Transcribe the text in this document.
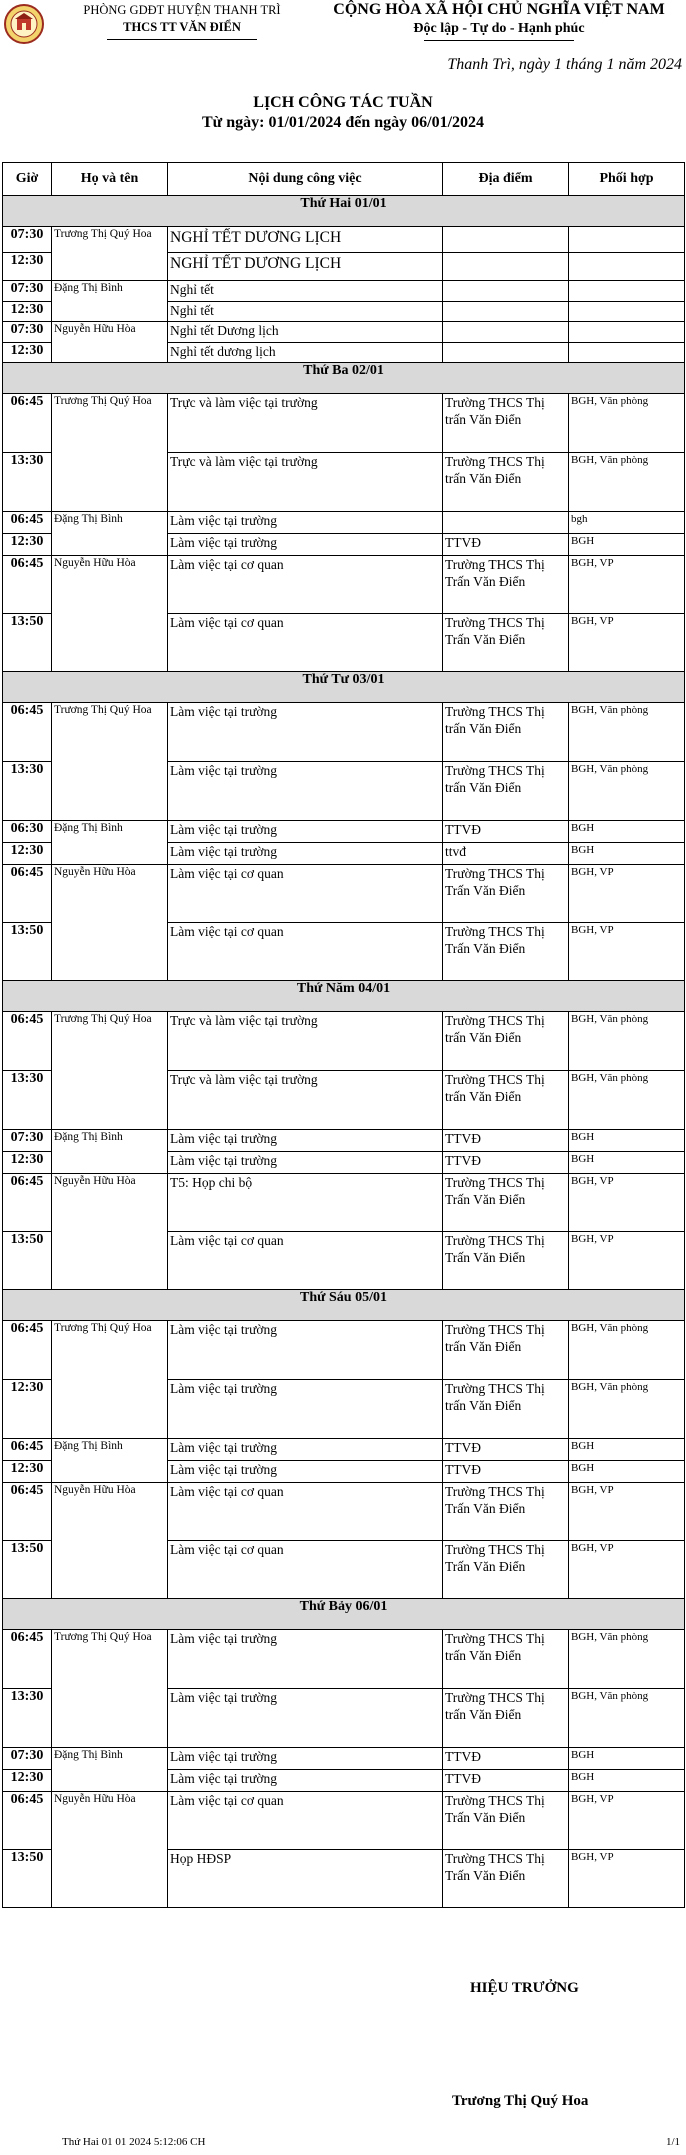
PHÒNG GDĐT HUYỆN THANH TRÌ
THCS TT VĂN ĐIỂN
CỘNG HÒA XÃ HỘI CHỦ NGHĨA VIỆT NAM
Độc lập - Tự do - Hạnh phúc
Thanh Trì, ngày 1 tháng 1 năm 2024
LỊCH CÔNG TÁC TUẦN
Từ ngày: 01/01/2024 đến ngày 06/01/2024
Giờ	Họ và tên	Nội dung công việc	Địa điểm	Phối hợp
Thứ Hai 01/01				
07:30	Trương Thị Quý Hoa	NGHỈ TẾT DƯƠNG LỊCH		
12:30		NGHỈ TẾT DƯƠNG LỊCH		
07:30	Đặng Thị Bình	Nghỉ tết		
12:30		Nghỉ tết		
07:30	Nguyễn Hữu Hòa	Nghỉ tết Dương lịch		
12:30		Nghỉ tết dương lịch		
Thứ Ba 02/01				
06:45	Trương Thị Quý Hoa	Trực và làm việc tại trường	Trường THCS Thị trấn Văn Điển	BGH, Văn phòng
13:30		Trực và làm việc tại trường	Trường THCS Thị trấn Văn Điển	BGH, Văn phòng
06:45	Đặng Thị Bình	Làm việc tại trường		bgh
12:30		Làm việc tại trường	TTVĐ	BGH
06:45	Nguyễn Hữu Hòa	Làm việc tại cơ quan	Trường THCS Thị Trấn Văn Điển	BGH, VP
13:50		Làm việc tại cơ quan	Trường THCS Thị Trấn Văn Điển	BGH, VP
Thứ Tư 03/01				
06:45	Trương Thị Quý Hoa	Làm việc tại trường	Trường THCS Thị trấn Văn Điển	BGH, Văn phòng
13:30		Làm việc tại trường	Trường THCS Thị trấn Văn Điển	BGH, Văn phòng
06:30	Đặng Thị Bình	Làm việc tại trường	TTVĐ	BGH
12:30		Làm việc tại trường	ttvđ	BGH
06:45	Nguyễn Hữu Hòa	Làm việc tại cơ quan	Trường THCS Thị Trấn Văn Điển	BGH, VP
13:50		Làm việc tại cơ quan	Trường THCS Thị Trấn Văn Điển	BGH, VP
Thứ Năm 04/01				
06:45	Trương Thị Quý Hoa	Trực và làm việc tại trường	Trường THCS Thị trấn Văn Điển	BGH, Văn phòng
13:30		Trực và làm việc tại trường	Trường THCS Thị trấn Văn Điển	BGH, Văn phòng
07:30	Đặng Thị Bình	Làm việc tại trường	TTVĐ	BGH
12:30		Làm việc tại trường	TTVĐ	BGH
06:45	Nguyễn Hữu Hòa	T5: Họp chi bộ	Trường THCS Thị Trấn Văn Điển	BGH, VP
13:50		Làm việc tại cơ quan	Trường THCS Thị Trấn Văn Điển	BGH, VP
Thứ Sáu 05/01				
06:45	Trương Thị Quý Hoa	Làm việc tại trường	Trường THCS Thị trấn Văn Điển	BGH, Văn phòng
12:30		Làm việc tại trường	Trường THCS Thị trấn Văn Điển	BGH, Văn phòng
06:45	Đặng Thị Bình	Làm việc tại trường	TTVĐ	BGH
12:30		Làm việc tại trường	TTVĐ	BGH
06:45	Nguyễn Hữu Hòa	Làm việc tại cơ quan	Trường THCS Thị Trấn Văn Điển	BGH, VP
13:50		Làm việc tại cơ quan	Trường THCS Thị Trấn Văn Điển	BGH, VP
Thứ Bảy 06/01				
06:45	Trương Thị Quý Hoa	Làm việc tại trường	Trường THCS Thị trấn Văn Điển	BGH, Văn phòng
13:30		Làm việc tại trường	Trường THCS Thị trấn Văn Điển	BGH, Văn phòng
07:30	Đặng Thị Bình	Làm việc tại trường	TTVĐ	BGH
12:30		Làm việc tại trường	TTVĐ	BGH
06:45	Nguyễn Hữu Hòa	Làm việc tại cơ quan	Trường THCS Thị Trấn Văn Điển	BGH, VP
13:50		Họp HĐSP	Trường THCS Thị Trấn Văn Điển	BGH, VP
HIỆU TRƯỞNG
Trương Thị Quý Hoa
Thứ Hai 01 01 2024 5:12:06 CH	1/1
